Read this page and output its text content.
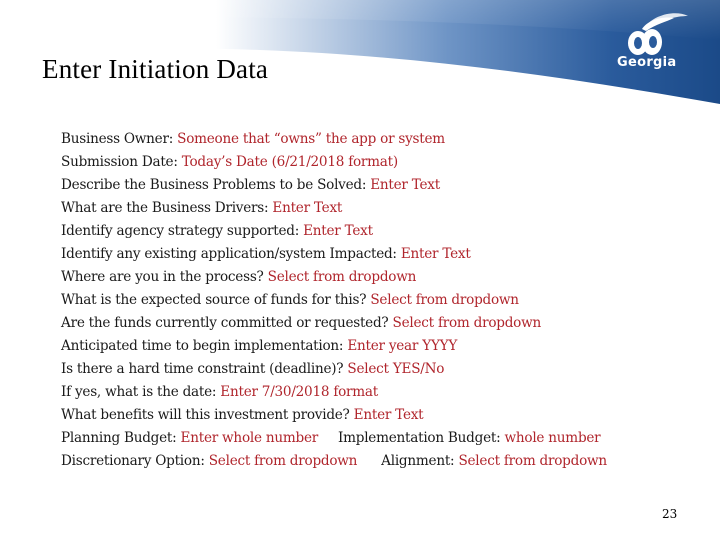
Enter Initiation Data	Georgia
Business Owner: Someone that “owns” the app or system
Submission Date: Today’s Date (6/21/2018 format)
Describe the Business Problems to be Solved: Enter Text
What are the Business Drivers: Enter Text
Identify agency strategy supported: Enter Text
Identify any existing application/system Impacted: Enter Text
Where are you in the process? Select from dropdown
What is the expected source of funds for this? Select from dropdown
Are the funds currently committed or requested? Select from dropdown
Anticipated time to begin implementation: Enter year YYYY
Is there a hard time constraint (deadline)? Select YES/No
If yes, what is the date: Enter 7/30/2018 format
What benefits will this investment provide? Enter Text
Planning Budget: Enter whole number Implementation Budget: whole number
Discretionary Option: Select from dropdown Alignment: Select from dropdown
23
